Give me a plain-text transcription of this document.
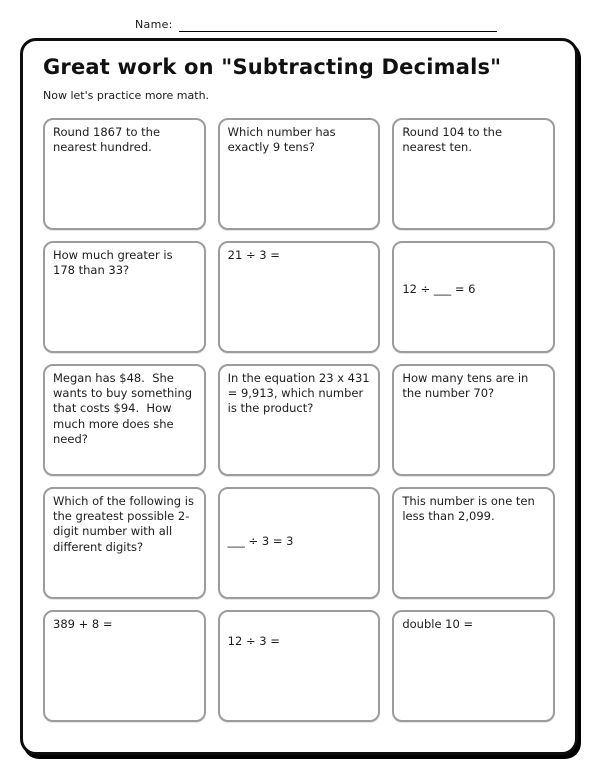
Name:
Great work on "Subtracting Decimals"

Now let's practice more math.

Round 1867 to the nearest hundred.
Which number has exactly 9 tens?
Round 104 to the nearest ten.
How much greater is 178 than 33?
21 ÷ 3 =
12 ÷ ___ = 6
Megan has $48.  She wants to buy something that costs $94.  How much more does she need?
In the equation 23 x 431 = 9,913, which number is the product?
How many tens are in the number 70?
Which of the following is the greatest possible 2-digit number with all different digits?	___ ÷ 3 = 3
This number is one ten less than 2,099.
389 + 8 =
12 ÷ 3 =
double 10 =
